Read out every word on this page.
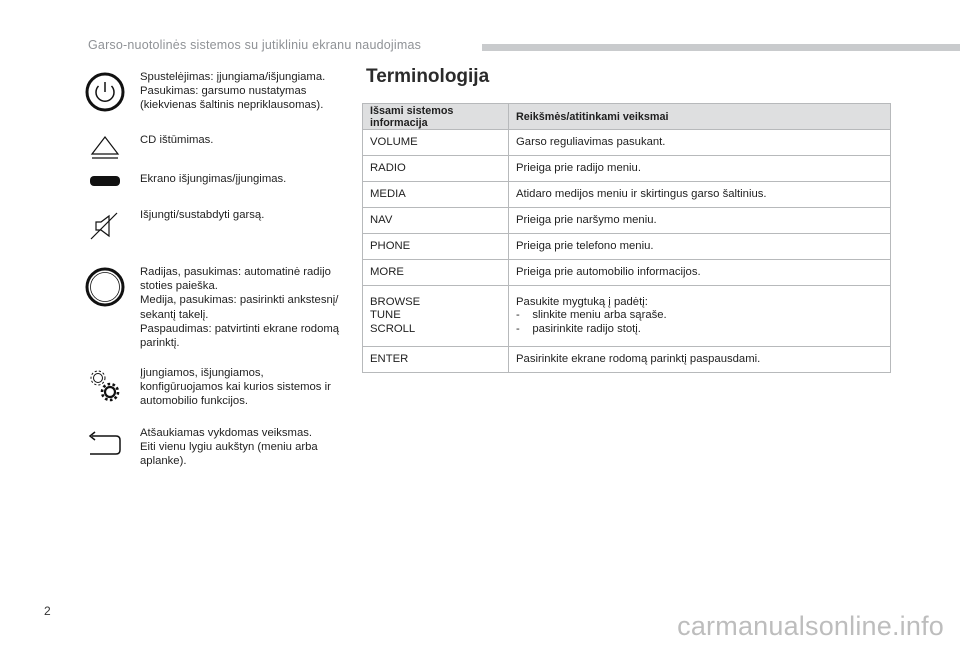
Garso-nuotolinės sistemos su jutikliniu ekranu naudojimas
Spustelėjimas: įjungiama/išjungiama.
Pasukimas: garsumo nustatymas
(kiekvienas šaltinis nepriklausomas).
CD ištūmimas.
Ekrano išjungimas/įjungimas.
Išjungti/sustabdyti garsą.
Radijas, pasukimas: automatinė radijo
stoties paieška.
Medija, pasukimas: pasirinkti ankstesnį/
sekantį takelį.
Paspaudimas: patvirtinti ekrane rodomą
parinktį.
Įjungiamos, išjungiamos,
konfigūruojamos kai kurios sistemos ir
automobilio funkcijos.
Atšaukiamas vykdomas veiksmas.
Eiti vienu lygiu aukštyn (meniu arba
aplanke).
Terminologija
Išsami sistemos informacija	Reikšmės/atitinkami veiksmai

VOLUME	Garso reguliavimas pasukant.

RADIO	Prieiga prie radijo meniu.

MEDIA	Atidaro medijos meniu ir skirtingus garso šaltinius.

NAV	Prieiga prie naršymo meniu.

PHONE	Prieiga prie telefono meniu.

MORE	Prieiga prie automobilio informacijos.

BROWSE
TUNE
SCROLL	Pasukite mygtuką į padėtį:
-    slinkite meniu arba sąraše.
-    pasirinkite radijo stotį.

ENTER	Pasirinkite ekrane rodomą parinktį paspausdami.
2	carmanualsonline.info
